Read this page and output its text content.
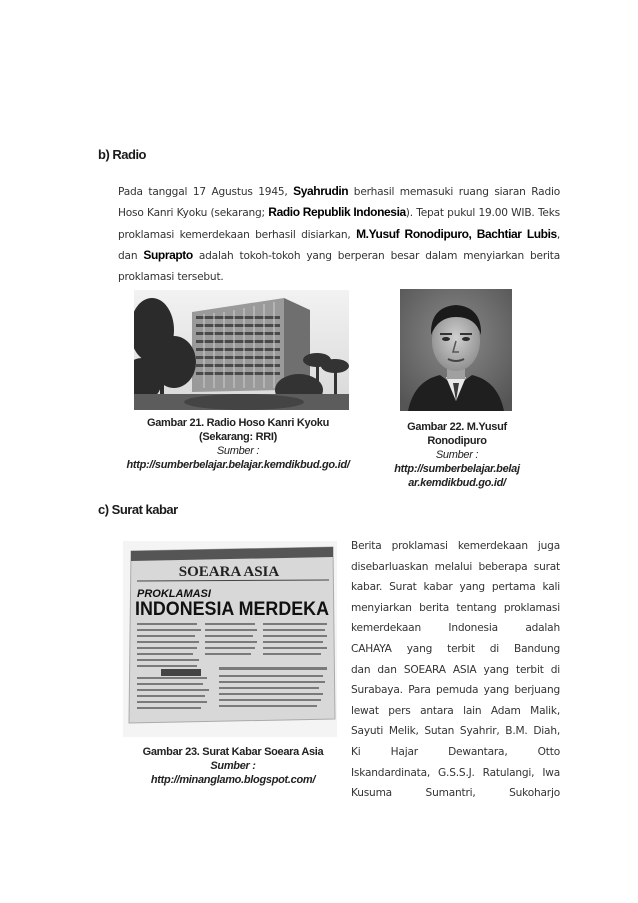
b) Radio
Pada tanggal 17 Agustus 1945, Syahrudin berhasil memasuki ruang siaran Radio Hoso Kanri Kyoku (sekarang; Radio Republik Indonesia). Tepat pukul 19.00 WIB. Teks proklamasi kemerdekaan berhasil disiarkan, M.Yusuf Ronodipuro, Bachtiar Lubis, dan Suprapto adalah tokoh-tokoh yang berperan besar dalam menyiarkan berita proklamasi tersebut.
Gambar 21. Radio Hoso Kanri Kyoku
(Sekarang: RRI)
Sumber :
http://sumberbelajar.belajar.kemdikbud.go.id/
Gambar 22. M.Yusuf
Ronodipuro
Sumber :
http://sumberbelajar.belajar.kemdikbud.go.id/
c) Surat kabar
SOEARA ASIA
PROKLAMASI
INDONESIA MERDEKA
Gambar 23. Surat Kabar Soeara Asia
Sumber :
http://minanglamo.blogspot.com/
Berita proklamasi kemerdekaan juga
disebarluaskan melalui beberapa surat
kabar. Surat kabar yang pertama kali
menyiarkan berita tentang proklamasi
kemerdekaan Indonesia adalah
CAHAYA yang terbit di Bandung
dan dan SOEARA ASIA yang terbit di
Surabaya. Para pemuda yang berjuang
lewat pers antara lain Adam Malik,
Sayuti Melik, Sutan Syahrir, B.M. Diah,
Ki Hajar Dewantara, Otto
Iskandardinata, G.S.S.J. Ratulangi, Iwa
Kusuma Sumantri, Sukoharjo
